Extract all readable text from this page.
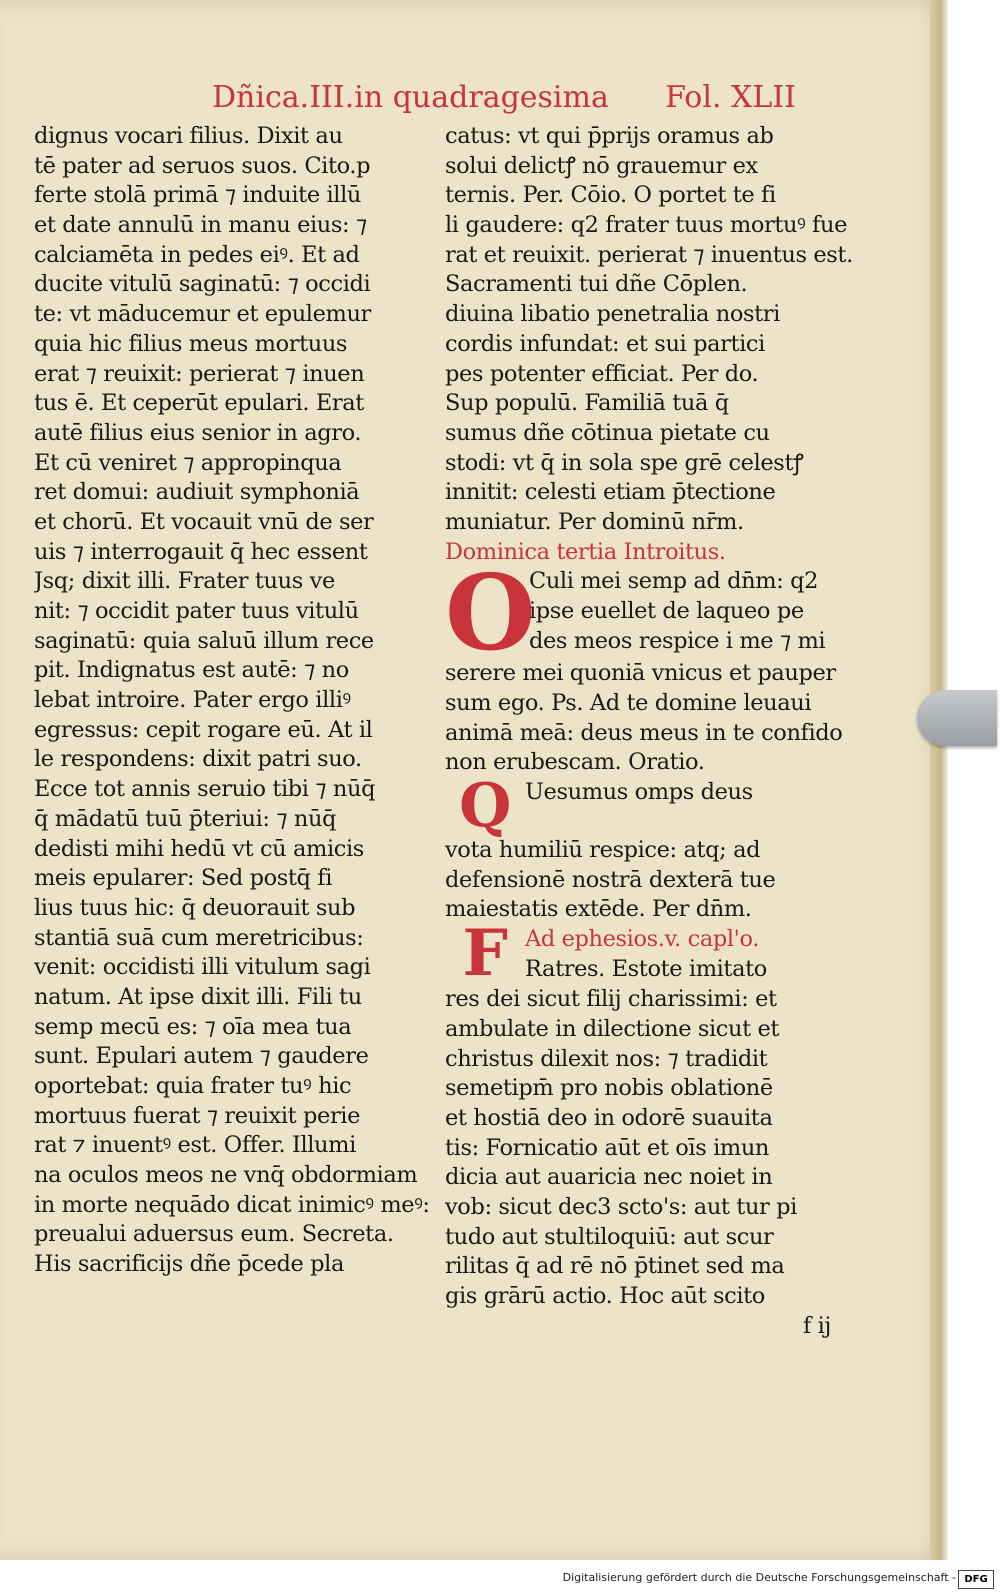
Dñica.III.in quadragesima Fol. XLII
dignus vocari filius. Dixit au
tē pater ad seruos suos. Cito.p
ferte stolā primā ⁊ induite illū
et date annulū in manu eius: ⁊
calciamēta in pedes eiꝰ. Et ad
ducite vitulū saginatū: ⁊ occidi
te: vt māducemur et epulemur
quia hic filius meus mortuus
erat ⁊ reuixit: perierat ⁊ inuen
tus ē. Et ceperūt epulari. Erat
autē filius eius senior in agro.
Et cū veniret ⁊ appropinqua
ret domui: audiuit symphoniā
et chorū. Et vocauit vnū de ser
uis ⁊ interrogauit q̄ hec essent
Jsq; dixit illi. Frater tuus ve
nit: ⁊ occidit pater tuus vitulū
saginatū: quia saluū illum rece
pit. Indignatus est autē: ⁊ no
lebat introire. Pater ergo illiꝰ
egressus: cepit rogare eū. At il
le respondens: dixit patri suo.
Ecce tot annis seruio tibi ⁊ nūq̄
q̄ mādatū tuū p̄teriui: ⁊ nūq̄
dedisti mihi hedū vt cū amicis
meis epularer: Sed postq̄ fi
lius tuus hic: q̄ deuorauit sub
stantiā suā cum meretricibus:
venit: occidisti illi vitulum sagi
natum. At ipse dixit illi. Fili tu
semp mecū es: ⁊ oīa mea tua
sunt. Epulari autem ⁊ gaudere
oportebat: quia frater tuꝰ hic
mortuus fuerat ⁊ reuixit perie
rat ⁊ inuentꝰ est. Offer. Illumi
na oculos meos ne vnq̄ obdormiam
in morte nequādo dicat inimicꝰ meꝰ:
preualui aduersus eum. Secreta.
His sacrificijs dñe p̄cede pla
catus: vt qui p̄prijs oramus ab
solui delictꝭ nō grauemur ex
ternis. Per. Cōio. O portet te fi
li gaudere: q2 frater tuus mortuꝰ fue
rat et reuixit. perierat ⁊ inuentus est.
Sacramenti tui dñe Cōplen.
diuina libatio penetralia nostri
cordis infundat: et sui partici
pes potenter efficiat. Per do.
Sup populū. Familiā tuā q̄
sumus dñe cōtinua pietate cu
stodi: vt q̄ in sola spe grē celestꝭ
innitit: celesti etiam p̄tectione
muniatur. Per dominū nr̄m.
Dominica tertia Introitus.
O
Culi mei semp ad dn̄m: q2
ipse euellet de laqueo pe
des meos respice i me ⁊ mi
serere mei quoniā vnicus et pauper
sum ego. Ps. Ad te domine leuaui
animā meā: deus meus in te confido
non erubescam. Oratio.
Q Uesumus omps deus
vota humiliū respice: atq; ad
defensionē nostrā dexterā tue
maiestatis extēde. Per dn̄m.
F Ad ephesios.v. capl'o.
Ratres. Estote imitato
res dei sicut filij charissimi: et
ambulate in dilectione sicut et
christus dilexit nos: ⁊ tradidit
semetipm̄ pro nobis oblationē
et hostiā deo in odorē suauita
tis: Fornicatio aūt et oīs imun
dicia aut auaricia nec noiet in
vob: sicut dec3 scto's: aut tur pi
tudo aut stultiloquiū: aut scur
rilitas q̄ ad rē nō p̄tinet sed ma
gis grārū actio. Hoc aūt scito
f ij
Digitalisierung gefördert durch die Deutsche Forschungsgemeinschaft - DFG
